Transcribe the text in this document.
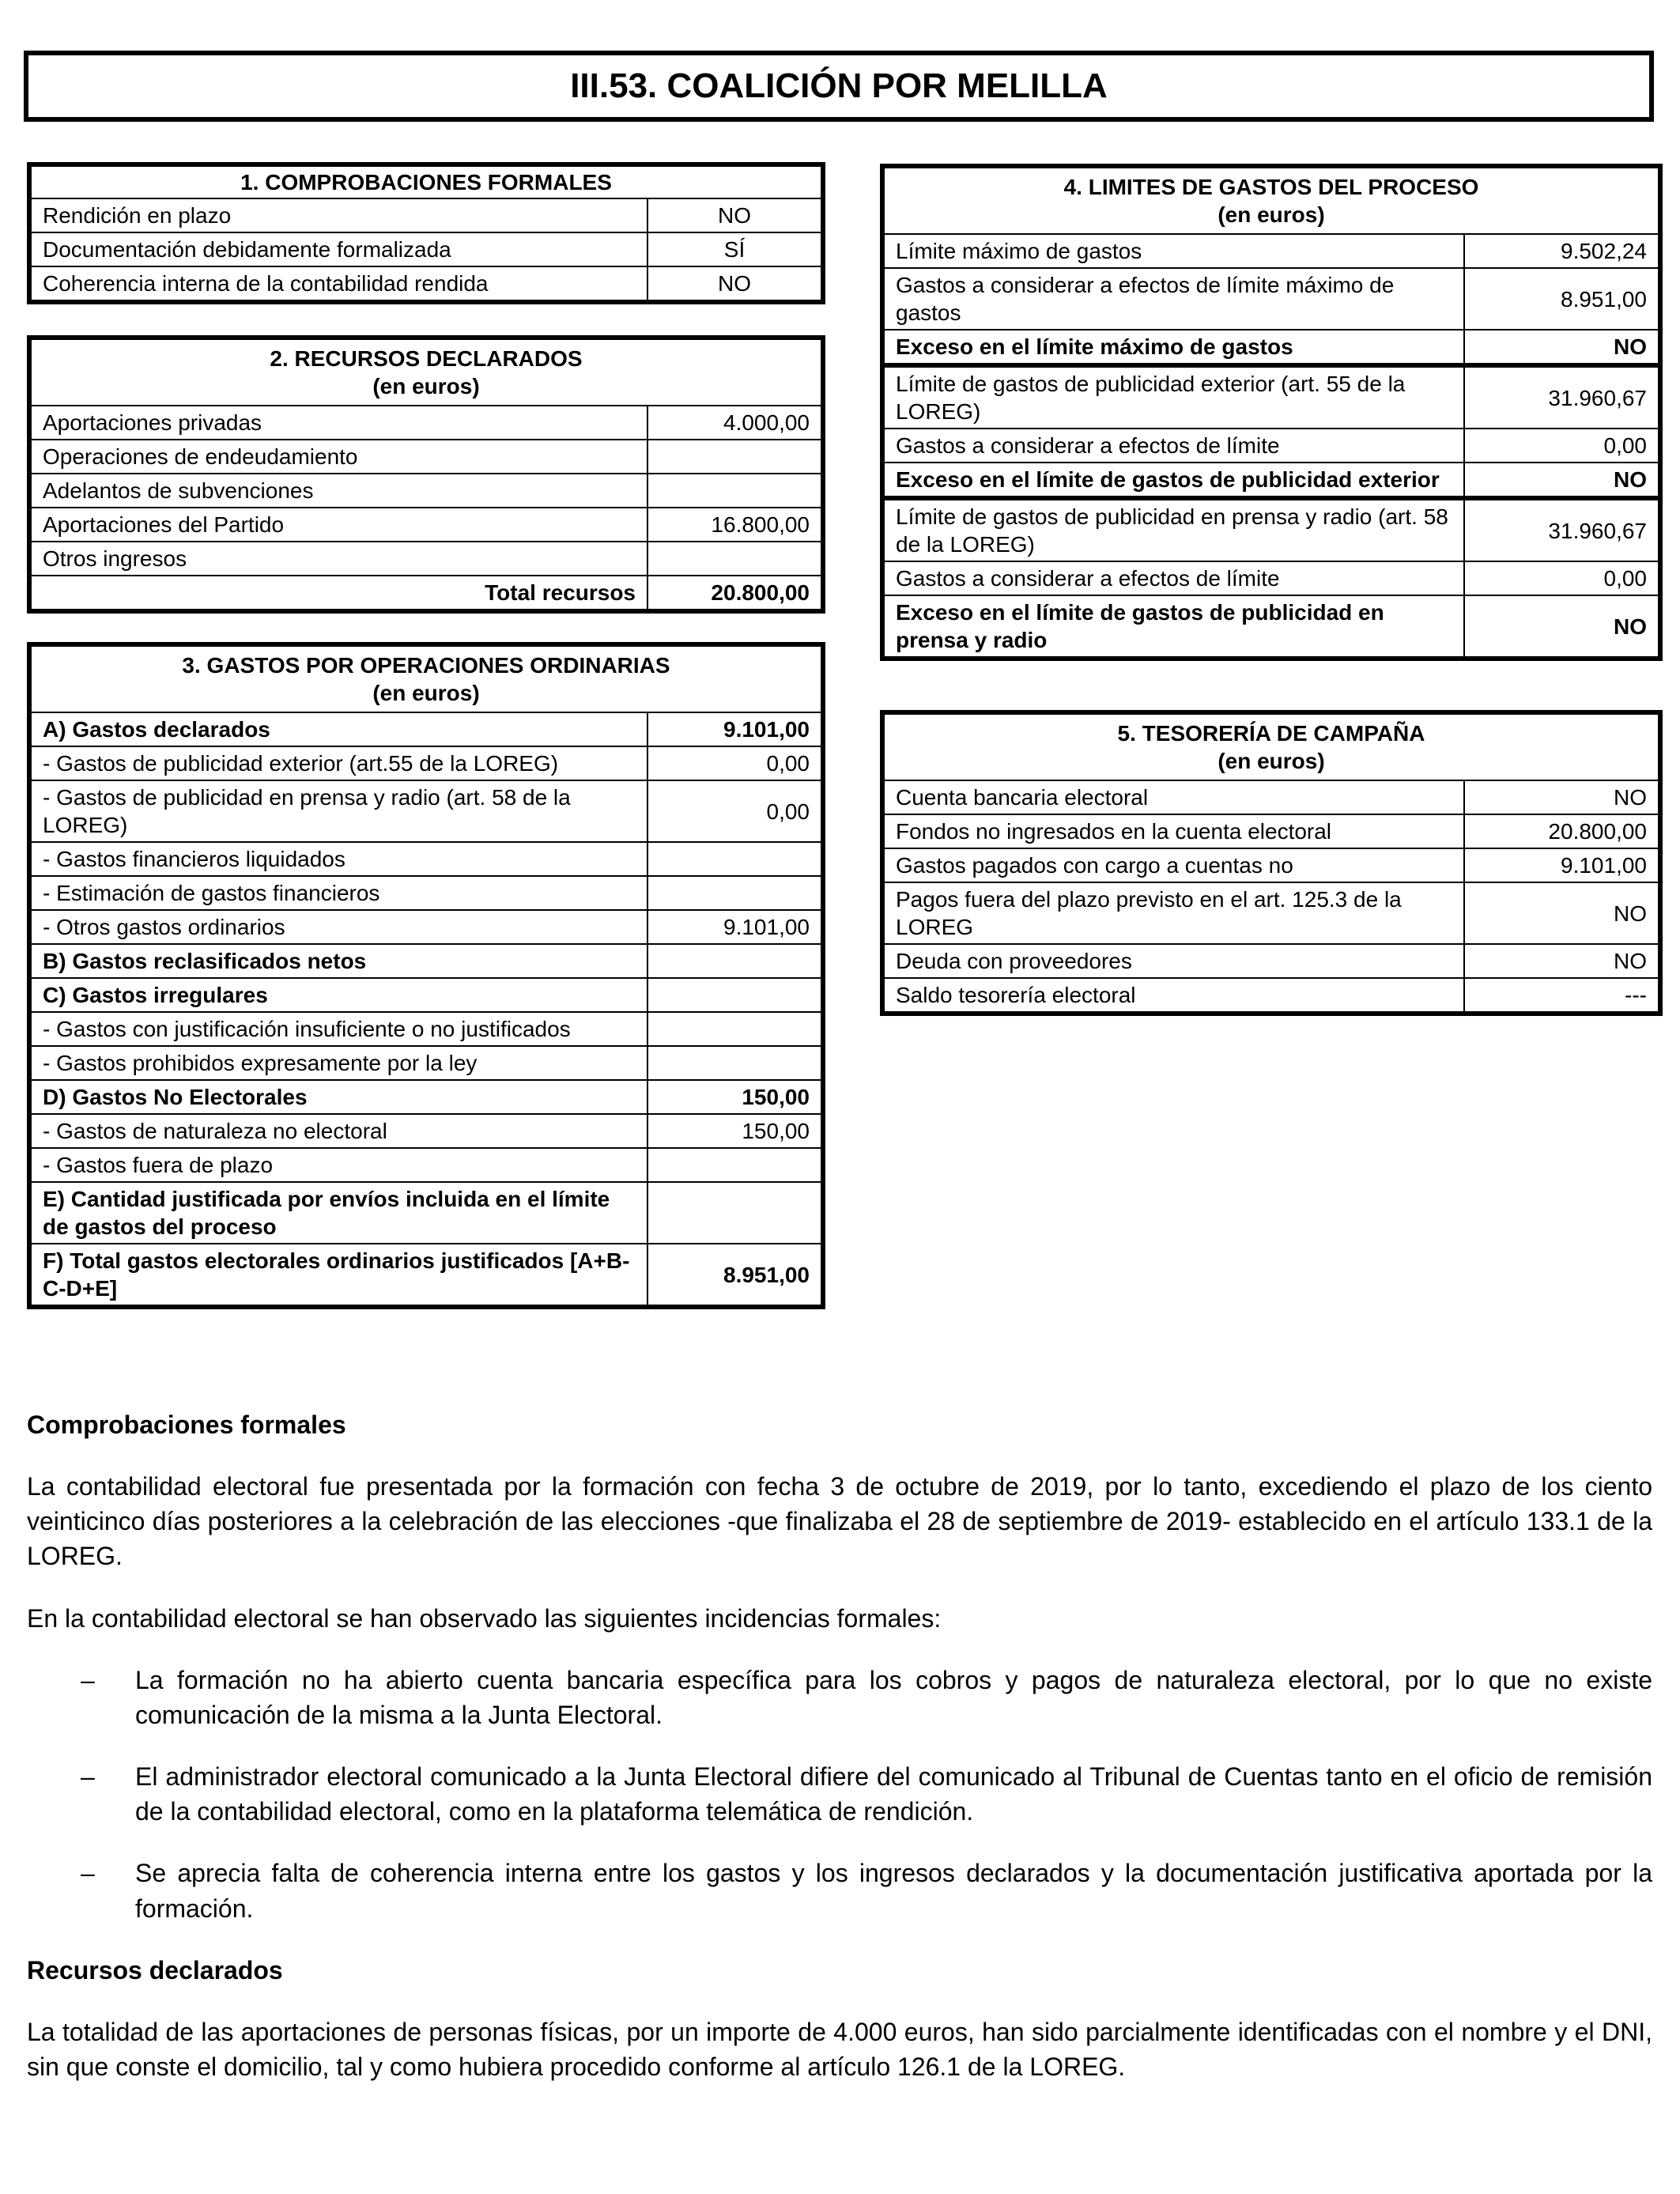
III.53. COALICIÓN POR MELILLA
1. COMPROBACIONES FORMALES	
Rendición en plazo	NO
Documentación debidamente formalizada	SÍ
Coherencia interna de la contabilidad rendida	NO
2. RECURSOS DECLARADOS
(en euros)	

Aportaciones privadas	4.000,00
Operaciones de endeudamiento	
Adelantos de subvenciones	
Aportaciones del Partido	16.800,00
Otros ingresos	
Total recursos	20.800,00
3. GASTOS POR OPERACIONES ORDINARIAS
(en euros)	

A) Gastos declarados	9.101,00
- Gastos de publicidad exterior (art.55 de la LOREG)	0,00
- Gastos de publicidad en prensa y radio (art. 58 de la LOREG)	0,00
- Gastos financieros liquidados	
- Estimación de gastos financieros	
- Otros gastos ordinarios	9.101,00
B) Gastos reclasificados netos	
C) Gastos irregulares	
- Gastos con justificación insuficiente o no justificados	
- Gastos prohibidos expresamente por la ley	
D) Gastos No Electorales	150,00
- Gastos de naturaleza no electoral	150,00
- Gastos fuera de plazo	
E) Cantidad justificada por envíos incluida en el límite de gastos del proceso	
F) Total gastos electorales ordinarios justificados [A+B-C-D+E]	8.951,00
4. LIMITES DE GASTOS DEL PROCESO
(en euros)	

Límite máximo de gastos	9.502,24
Gastos a considerar a efectos de límite máximo de gastos	8.951,00
Exceso en el límite máximo de gastos	NO
Límite de gastos de publicidad exterior (art. 55 de la LOREG)	31.960,67
Gastos a considerar a efectos de límite	0,00
Exceso en el límite de gastos de publicidad exterior	NO
Límite de gastos de publicidad en prensa y radio (art. 58 de la LOREG)	31.960,67
Gastos a considerar a efectos de límite	0,00
Exceso en el límite de gastos de publicidad en prensa y radio	NO
5. TESORERÍA DE CAMPAÑA
(en euros)	

Cuenta bancaria electoral	NO
Fondos no ingresados en la cuenta electoral	20.800,00
Gastos pagados con cargo a cuentas no	9.101,00
Pagos fuera del plazo previsto en el art. 125.3 de la LOREG	NO
Deuda con proveedores	NO
Saldo tesorería electoral	---
Comprobaciones formales

La contabilidad electoral fue presentada por la formación con fecha 3 de octubre de 2019, por lo tanto, excediendo el plazo de los ciento veinticinco días posteriores a la celebración de las elecciones -que finalizaba el 28 de septiembre de 2019- establecido en el artículo 133.1 de la LOREG.

En la contabilidad electoral se han observado las siguientes incidencias formales:

– La formación no ha abierto cuenta bancaria específica para los cobros y pagos de naturaleza electoral, por lo que no existe comunicación de la misma a la Junta Electoral.
– El administrador electoral comunicado a la Junta Electoral difiere del comunicado al Tribunal de Cuentas tanto en el oficio de remisión de la contabilidad electoral, como en la plataforma telemática de rendición.
– Se aprecia falta de coherencia interna entre los gastos y los ingresos declarados y la documentación justificativa aportada por la formación.
Recursos declarados

La totalidad de las aportaciones de personas físicas, por un importe de 4.000 euros, han sido parcialmente identificadas con el nombre y el DNI, sin que conste el domicilio, tal y como hubiera procedido conforme al artículo 126.1 de la LOREG.
